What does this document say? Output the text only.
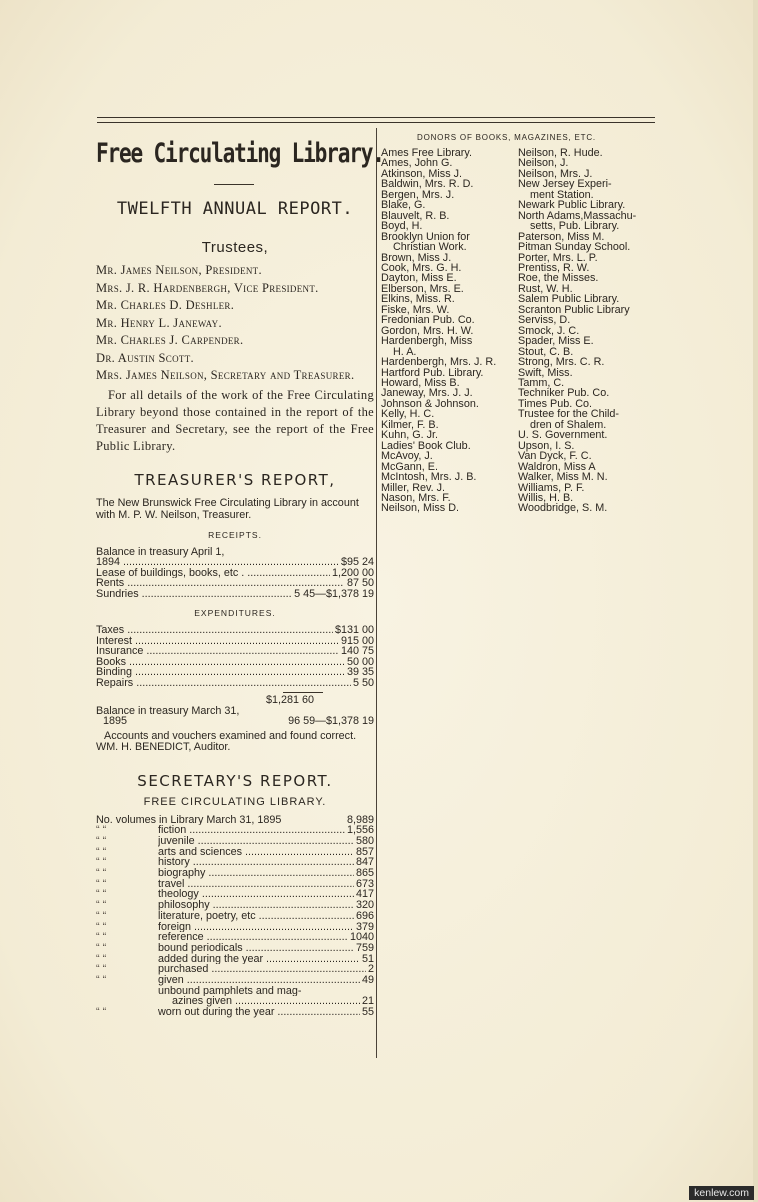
Free Circulating Library.
TWELFTH ANNUAL REPORT.
Trustees,
Mr. James Neilson, President.
Mrs. J. R. Hardenbergh, Vice President.
Mr. Charles D. Deshler.
Mr. Henry L. Janeway.
Mr. Charles J. Carpender.
Dr. Austin Scott.
Mrs. James Neilson, Secretary and Treasurer.
For all details of the work of the Free Circulating Library beyond those contained in the report of the Treasurer and Secretary, see the report of the Free Public Library.
TREASURER'S REPORT,
The New Brunswick Free Circulating Library in account with M. P. W. Neilson, Treasurer.
RECEIPTS.
Balance in treasury April 1,
1894 .....	$95 24
Lease of buildings, books, etc . .....	1,200 00
Rents .....	87 50
Sundries .....	5 45—$1,378 19
EXPENDITURES.
Taxes .....	$131 00
Interest .....	915 00
Insurance .....	140 75
Books .....	50 00
Binding .....	39 35
Repairs .....	5 50
$1,281 60
Balance in treasury March 31,
1895	96 59—$1,378 19
Accounts and vouchers examined and found correct. WM. H. BENEDICT, Auditor.
SECRETARY'S REPORT.
FREE CIRCULATING LIBRARY.
No. volumes in Library March 31, 1895	8,989
“ “	fiction .....	1,556
“ “	juvenile .....	580
“ “	arts and sciences .....	857
“ “	history .....	847
“ “	biography .....	865
“ “	travel .....	673
“ “	theology .....	417
“ “	philosophy .....	320
“ “	literature, poetry, etc .....	696
“ “	foreign .....	379
“ “	reference .....	1040
“ “	bound periodicals .....	759
“ “	added during the year .....	51
“ “	purchased .....	2
“ “	given .....	49
unbound pamphlets and mag-
azines given .....	21
“ “	worn out during the year .....	55
DONORS OF BOOKS, MAGAZINES, ETC.
Ames Free Library.
Ames, John G.
Atkinson, Miss J.
Baldwin, Mrs. R. D.
Bergen, Mrs. J.
Blake, G.
Blauvelt, R. B.
Boyd, H.
Brooklyn Union for
Christian Work.
Brown, Miss J.
Cook, Mrs. G. H.
Dayton, Miss E.
Elberson, Mrs. E.
Elkins, Miss. R.
Fiske, Mrs. W.
Fredonian Pub. Co.
Gordon, Mrs. H. W.
Hardenbergh, Miss
H. A.
Hardenbergh, Mrs. J. R.
Hartford Pub. Library.
Howard, Miss B.
Janeway, Mrs. J. J.
Johnson & Johnson.
Kelly, H. C.
Kilmer, F. B.
Kuhn, G. Jr.
Ladies' Book Club.
McAvoy, J.
McGann, E.
McIntosh, Mrs. J. B.
Miller, Rev. J.
Nason, Mrs. F.
Neilson, Miss D.
Neilson, R. Hude.
Neilson, J.
Neilson, Mrs. J.
New Jersey Experi-
ment Station.
Newark Public Library.
North Adams,Massachu-
setts, Pub. Library.
Paterson, Miss M.
Pitman Sunday School.
Porter, Mrs. L. P.
Prentiss, R. W.
Roe, the Misses.
Rust, W. H.
Salem Public Library.
Scranton Public Library
Serviss, D.
Smock, J. C.
Spader, Miss E.
Stout, C. B.
Strong, Mrs. C. R.
Swift, Miss.
Tamm, C.
Techniker Pub. Co.
Times Pub. Co.
Trustee for the Child-
dren of Shalem.
U. S. Government.
Upson, I. S.
Van Dyck, F. C.
Waldron, Miss A
Walker, Miss M. N.
Williams, P. F.
Willis, H. B.
Woodbridge, S. M.
kenlew.com
